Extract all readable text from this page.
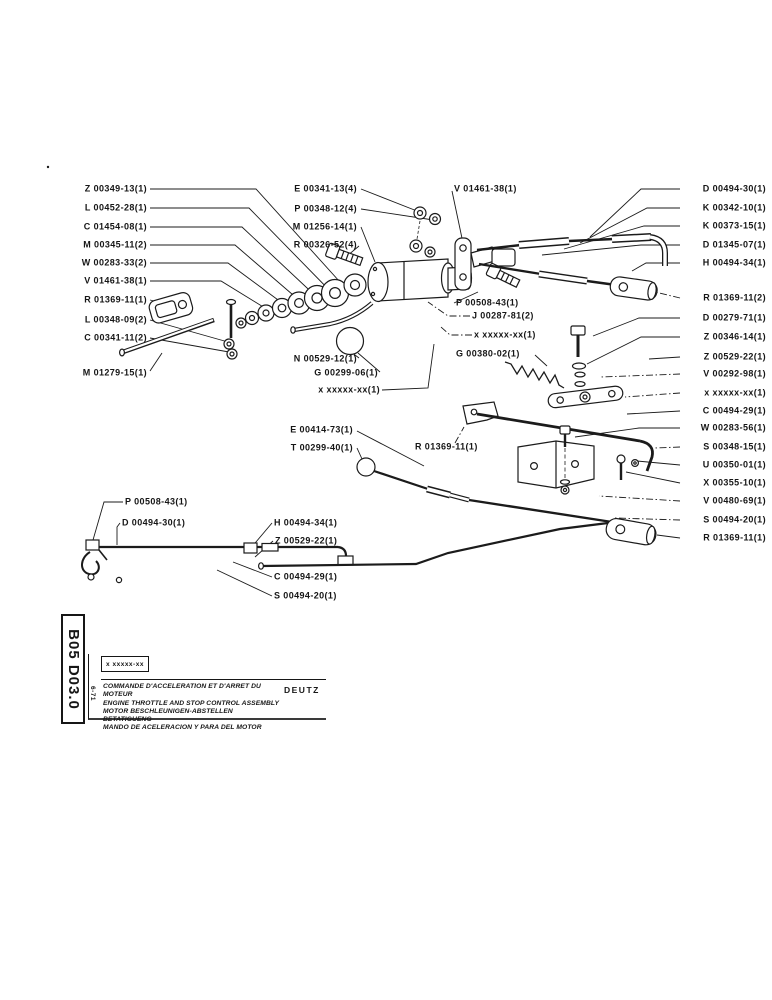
Z 00349-13(1)
L 00452-28(1)
C 01454-08(1)
M 00345-11(2)
W 00283-33(2)
V 01461-38(1)
R 01369-11(1)
L 00348-09(2)
C 00341-11(2)
M 01279-15(1)
E 00341-13(4)
P 00348-12(4)
M 01256-14(1)
R 00326-52(4)
V 01461-38(1)
P 00508-43(1)
J 00287-81(2)
x xxxxx-xx(1)
G 00380-02(1)
N 00529-12(1)
G 00299-06(1)
x xxxxx-xx(1)
E 00414-73(1)
T 00299-40(1)	R 01369-11(1)
D 00494-30(1)
K 00342-10(1)
K 00373-15(1)
D 01345-07(1)
H 00494-34(1)
R 01369-11(2)
D 00279-71(1)
Z 00346-14(1)
Z 00529-22(1)
V 00292-98(1)
x xxxxx-xx(1)
C 00494-29(1)
W 00283-56(1)
S 00348-15(1)
U 00350-01(1)
X 00355-10(1)
V 00480-69(1)
S 00494-20(1)
R 01369-11(1)
P 00508-43(1)
D 00494-30(1)	H 00494-34(1)
Z 00529-22(1)
C 00494-29(1)
S 00494-20(1)
B05 D03.0 6-71
x xxxxx-xx
COMMANDE D'ACCELERATION ET D'ARRET DU MOTEUR
ENGINE THROTTLE AND STOP CONTROL ASSEMBLY
MOTOR BESCHLEUNIGEN-ABSTELLEN BETATIGUENG
MANDO DE ACELERACION Y PARA DEL MOTOR
DEUTZ
